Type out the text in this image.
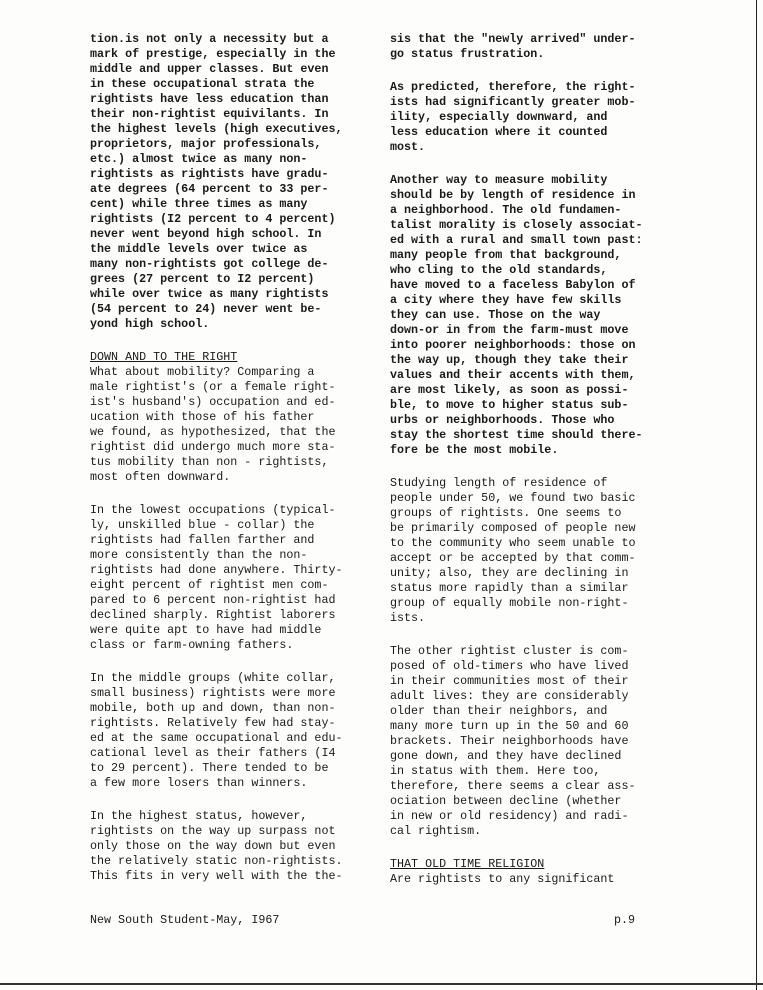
tion.is not only a necessity but a
mark of prestige, especially in the
middle and upper classes. But even
in these occupational strata the
rightists have less education than
their non-rightist equivilants. In
the highest levels (high executives,
proprietors, major professionals,
etc.) almost twice as many non-
rightists as rightists have gradu-
ate degrees (64 percent to 33 per-
cent) while three times as many
rightists (I2 percent to 4 percent)
never went beyond high school. In
the middle levels over twice as
many non-rightists got college de-
grees (27 percent to I2 percent)
while over twice as many rightists
(54 percent to 24) never went be-
yond high school.

DOWN AND TO THE RIGHT

What about mobility? Comparing a
male rightist's (or a female right-
ist's husband's) occupation and ed-
ucation with those of his father
we found, as hypothesized, that the
rightist did undergo much more sta-
tus mobility than non - rightists,
most often downward.

In the lowest occupations (typical-
ly, unskilled blue - collar) the
rightists had fallen farther and
more consistently than the non-
rightists had done anywhere. Thirty-
eight percent of rightist men com-
pared to 6 percent non-rightist had
declined sharply. Rightist laborers
were quite apt to have had middle
class or farm-owning fathers.

In the middle groups (white collar,
small business) rightists were more
mobile, both up and down, than non-
rightists. Relatively few had stay-
ed at the same occupational and edu-
cational level as their fathers (I4
to 29 percent). There tended to be
a few more losers than winners.

In the highest status, however,
rightists on the way up surpass not
only those on the way down but even
the relatively static non-rightists.
This fits in very well with the the-

sis that the "newly arrived" under-
go status frustration.

As predicted, therefore, the right-
ists had significantly greater mob-
ility, especially downward, and
less education where it counted
most.

Another way to measure mobility
should be by length of residence in
a neighborhood. The old fundamen-
talist morality is closely associat-
ed with a rural and small town past:
many people from that background,
who cling to the old standards,
have moved to a faceless Babylon of
a city where they have few skills
they can use. Those on the way
down-or in from the farm-must move
into poorer neighborhoods: those on
the way up, though they take their
values and their accents with them,
are most likely, as soon as possi-
ble, to move to higher status sub-
urbs or neighborhoods. Those who
stay the shortest time should there-
fore be the most mobile.

Studying length of residence of
people under 50, we found two basic
groups of rightists. One seems to
be primarily composed of people new
to the community who seem unable to
accept or be accepted by that comm-
unity; also, they are declining in
status more rapidly than a similar
group of equally mobile non-right-
ists.

The other rightist cluster is com-
posed of old-timers who have lived
in their communities most of their
adult lives: they are considerably
older than their neighbors, and
many more turn up in the 50 and 60
brackets. Their neighborhoods have
gone down, and they have declined
in status with them. Here too,
therefore, there seems a clear ass-
ociation between decline (whether
in new or old residency) and radi-
cal rightism.

THAT OLD TIME RELIGION

Are rightists to any significant

New South Student-May, I967	p.9
